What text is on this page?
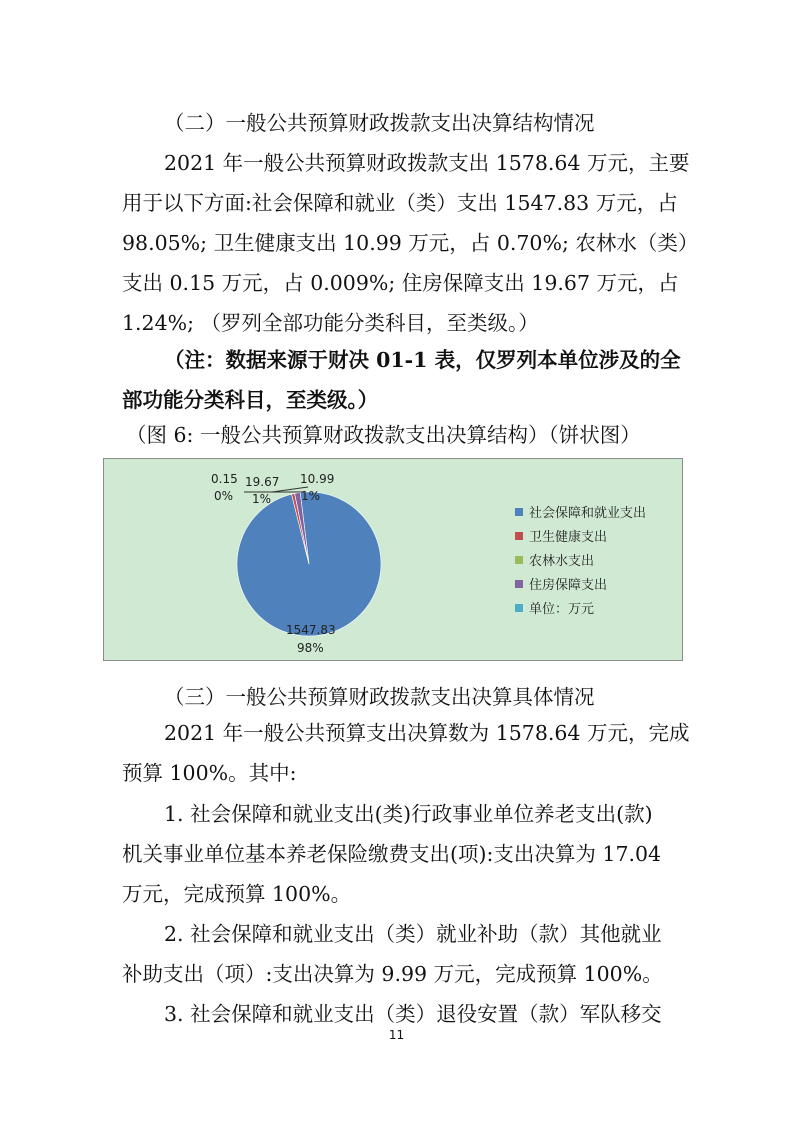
（二）一般公共预算财政拨款支出决算结构情况
2021 年一般公共预算财政拨款支出 1578.64 万元，主要
用于以下方面:社会保障和就业（类）支出 1547.83 万元，占
98.05%; 卫生健康支出 10.99 万元，占 0.70%; 农林水（类）
支出 0.15 万元，占 0.009%; 住房保障支出 19.67 万元，占
1.24%; （罗列全部功能分类科目，至类级。）
（注：数据来源于财决 01-1 表，仅罗列本单位涉及的全
部功能分类科目，至类级。）
（图 6: 一般公共预算财政拨款支出决算结构）（饼状图）
0.15
0%
19.67
1%
10.99
1%
1547.83
98%
社会保障和就业支出
卫生健康支出
农林水支出
住房保障支出
单位：万元
（三）一般公共预算财政拨款支出决算具体情况
2021 年一般公共预算支出决算数为 1578.64 万元，完成
预算 100%。其中:
1. 社会保障和就业支出(类)行政事业单位养老支出(款)
机关事业单位基本养老保险缴费支出(项):支出决算为 17.04
万元，完成预算 100%。
2. 社会保障和就业支出（类）就业补助（款）其他就业
补助支出（项）:支出决算为 9.99 万元，完成预算 100%。
3. 社会保障和就业支出（类）退役安置（款）军队移交
11
